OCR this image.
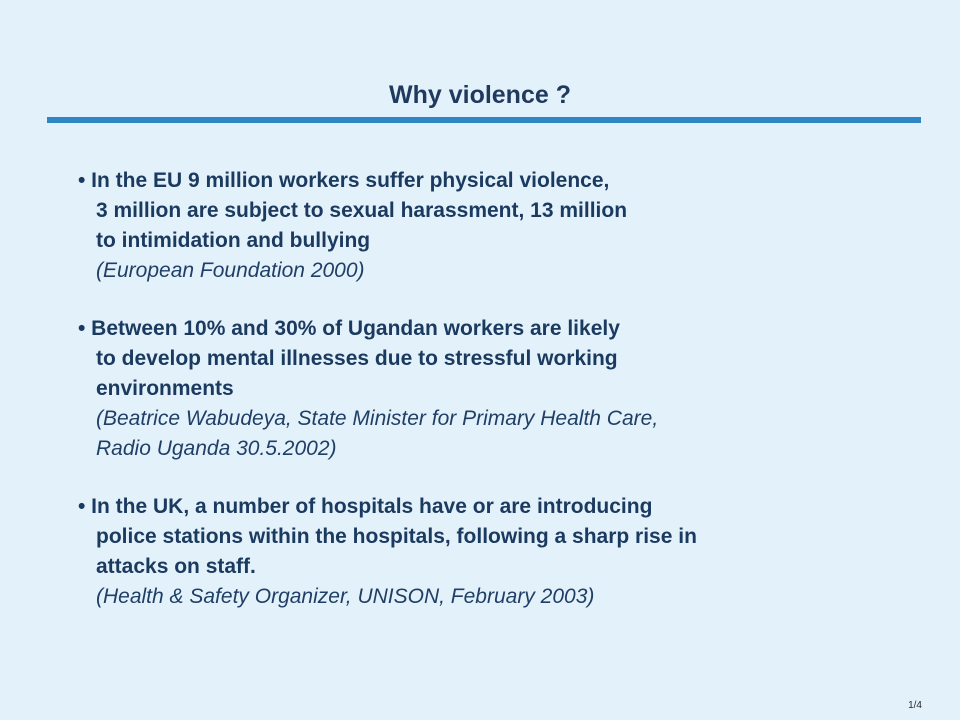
Why violence ?
• In the EU 9 million workers suffer physical violence,
3 million are subject to sexual harassment, 13 million
to intimidation and bullying
(European Foundation 2000)
• Between 10% and 30% of Ugandan workers are likely
to develop mental illnesses due to stressful working
environments
(Beatrice Wabudeya, State Minister for Primary Health Care,
Radio Uganda 30.5.2002)
• In the UK, a number of hospitals have or are introducing
police stations within the hospitals, following a sharp rise in
attacks on staff.
(Health & Safety Organizer, UNISON, February 2003)
1/4
